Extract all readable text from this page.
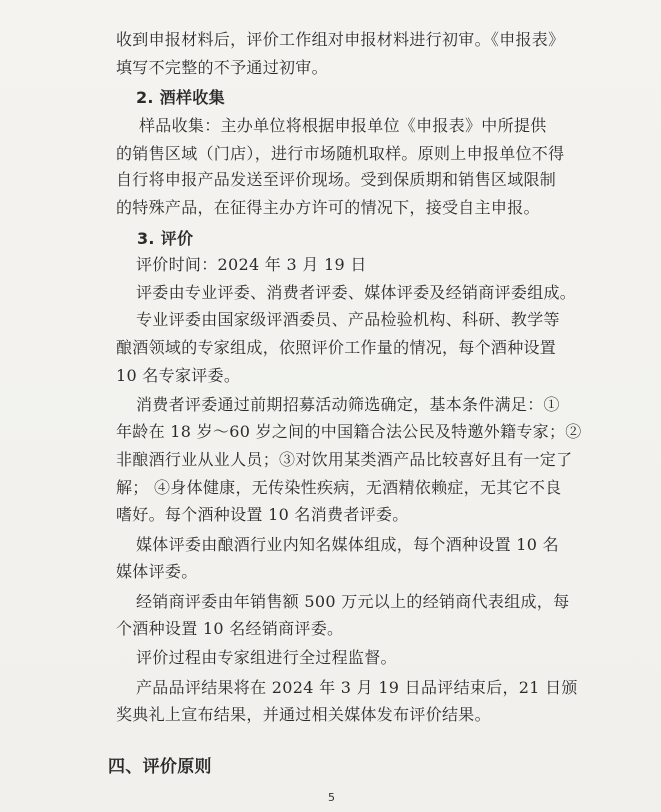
收到申报材料后，评价工作组对申报材料进行初审。《申报表》
填写不完整的不予通过初审。
2. 酒样收集
样品收集：主办单位将根据申报单位《申报表》中所提供
的销售区域（门店），进行市场随机取样。原则上申报单位不得
自行将申报产品发送至评价现场。受到保质期和销售区域限制
的特殊产品，在征得主办方许可的情况下，接受自主申报。
3. 评价
评价时间：2024 年 3 月 19 日
评委由专业评委、消费者评委、媒体评委及经销商评委组成。
专业评委由国家级评酒委员、产品检验机构、科研、教学等
酿酒领域的专家组成，依照评价工作量的情况，每个酒种设置
10 名专家评委。
消费者评委通过前期招募活动筛选确定，基本条件满足：①
年龄在 18 岁～60 岁之间的中国籍合法公民及特邀外籍专家；②
非酿酒行业从业人员；③对饮用某类酒产品比较喜好且有一定了
解； ④身体健康，无传染性疾病，无酒精依赖症，无其它不良
嗜好。每个酒种设置 10 名消费者评委。
媒体评委由酿酒行业内知名媒体组成，每个酒种设置 10 名
媒体评委。
经销商评委由年销售额 500 万元以上的经销商代表组成，每
个酒种设置 10 名经销商评委。
评价过程由专家组进行全过程监督。
产品品评结果将在 2024 年 3 月 19 日品评结束后，21 日颁
奖典礼上宣布结果，并通过相关媒体发布评价结果。
四、评价原则
5
